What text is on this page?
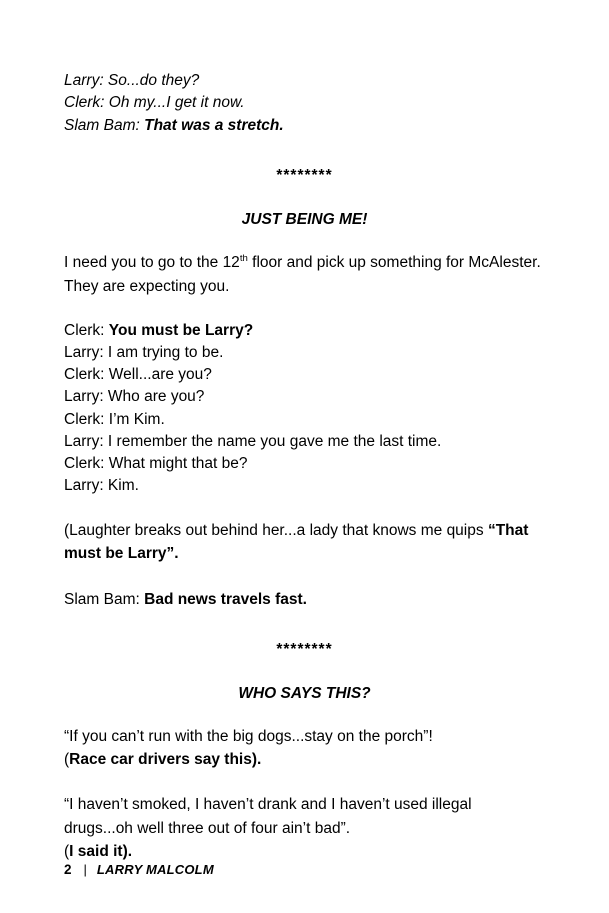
Larry: So...do they?
Clerk: Oh my...I get it now.
Slam Bam: That was a stretch.
********
JUST BEING ME!

I need you to go to the 12th floor and pick up something for McAlester. They are expecting you.

Clerk: You must be Larry?
Larry: I am trying to be.
Clerk: Well...are you?
Larry: Who are you?
Clerk: I’m Kim.
Larry: I remember the name you gave me the last time.
Clerk: What might that be?
Larry: Kim.

(Laughter breaks out behind her...a lady that knows me quips “That must be Larry”.

Slam Bam: Bad news travels fast.

********
WHO SAYS THIS?

“If you can’t run with the big dogs...stay on the porch”!
(Race car drivers say this).

“I haven’t smoked, I haven’t drank and I haven’t used illegal
drugs...oh well three out of four ain’t bad”.
(I said it).

2 | LARRY MALCOLM
